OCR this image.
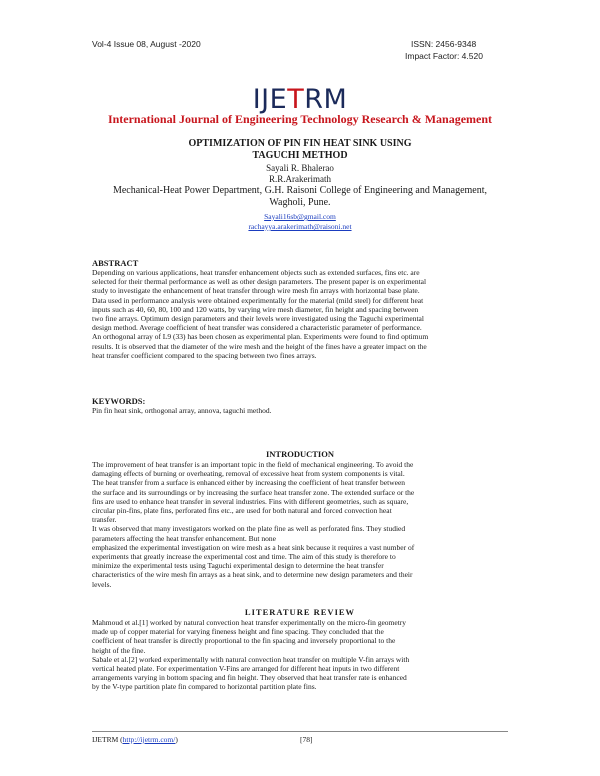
Vol-4 Issue 08, August -2020	ISSN: 2456-9348
Impact Factor: 4.520
IJETRM
International Journal of Engineering Technology Research & Management
OPTIMIZATION OF PIN FIN HEAT SINK USING
TAGUCHI METHOD
Sayali R. Bhalerao
R.R.Arakerimath
Mechanical-Heat Power Department, G.H. Raisoni College of Engineering and Management,
Wagholi, Pune.
Sayali16sb@gmail.com
rachayya.arakerimath@raisoni.net
ABSTRACT

Depending on various applications, heat transfer enhancement objects such as extended surfaces, fins etc. are

selected for their thermal performance as well as other design parameters. The present paper is on experimental

study to investigate the enhancement of heat transfer through wire mesh fin arrays with horizontal base plate.

Data used in performance analysis were obtained experimentally for the material (mild steel) for different heat

inputs such as 40, 60, 80, 100 and 120 watts, by varying wire mesh diameter, fin height and spacing between

two fine arrays. Optimum design parameters and their levels were investigated using the Taguchi experimental

design method. Average coefficient of heat transfer was considered a characteristic parameter of performance.

An orthogonal array of L9 (33) has been chosen as experimental plan. Experiments were found to find optimum

results. It is observed that the diameter of the wire mesh and the height of the fines have a greater impact on the

heat transfer coefficient compared to the spacing between two fines arrays.

KEYWORDS:
Pin fin heat sink, orthogonal array, annova, taguchi method.
INTRODUCTION

The improvement of heat transfer is an important topic in the field of mechanical engineering. To avoid the

damaging effects of burning or overheating, removal of excessive heat from system components is vital.

The heat transfer from a surface is enhanced either by increasing the coefficient of heat transfer between

the surface and its surroundings or by increasing the surface heat transfer zone. The extended surface or the

fins are used to enhance heat transfer in several industries. Fins with different geometries, such as square,

circular pin-fins, plate fins, perforated fins etc., are used for both natural and forced convection heat

transfer.

It was observed that many investigators worked on the plate fine as well as perforated fins. They studied

parameters affecting the heat transfer enhancement. But none

emphasized the experimental investigation on wire mesh as a heat sink because it requires a vast number of

experiments that greatly increase the experimental cost and time. The aim of this study is therefore to

minimize the experimental tests using Taguchi experimental design to determine the heat transfer

characteristics of the wire mesh fin arrays as a heat sink, and to determine new design parameters and their

levels.

LITERATURE REVIEW

Mahmoud et al.[1] worked by natural convection heat transfer experimentally on the micro-fin geometry

made up of copper material for varying fineness height and fine spacing. They concluded that the

coefficient of heat transfer is directly proportional to the fin spacing and inversely proportional to the

height of the fine.

Sabale et al.[2] worked experimentally with natural convection heat transfer on multiple V-fin arrays with

vertical heated plate. For experimentation V-Fins are arranged for different heat inputs in two different

arrangements varying in bottom spacing and fin height. They observed that heat transfer rate is enhanced

by the V-type partition plate fin compared to horizontal partition plate fins.

IJETRM (http://ijetrm.com/)	[78]
